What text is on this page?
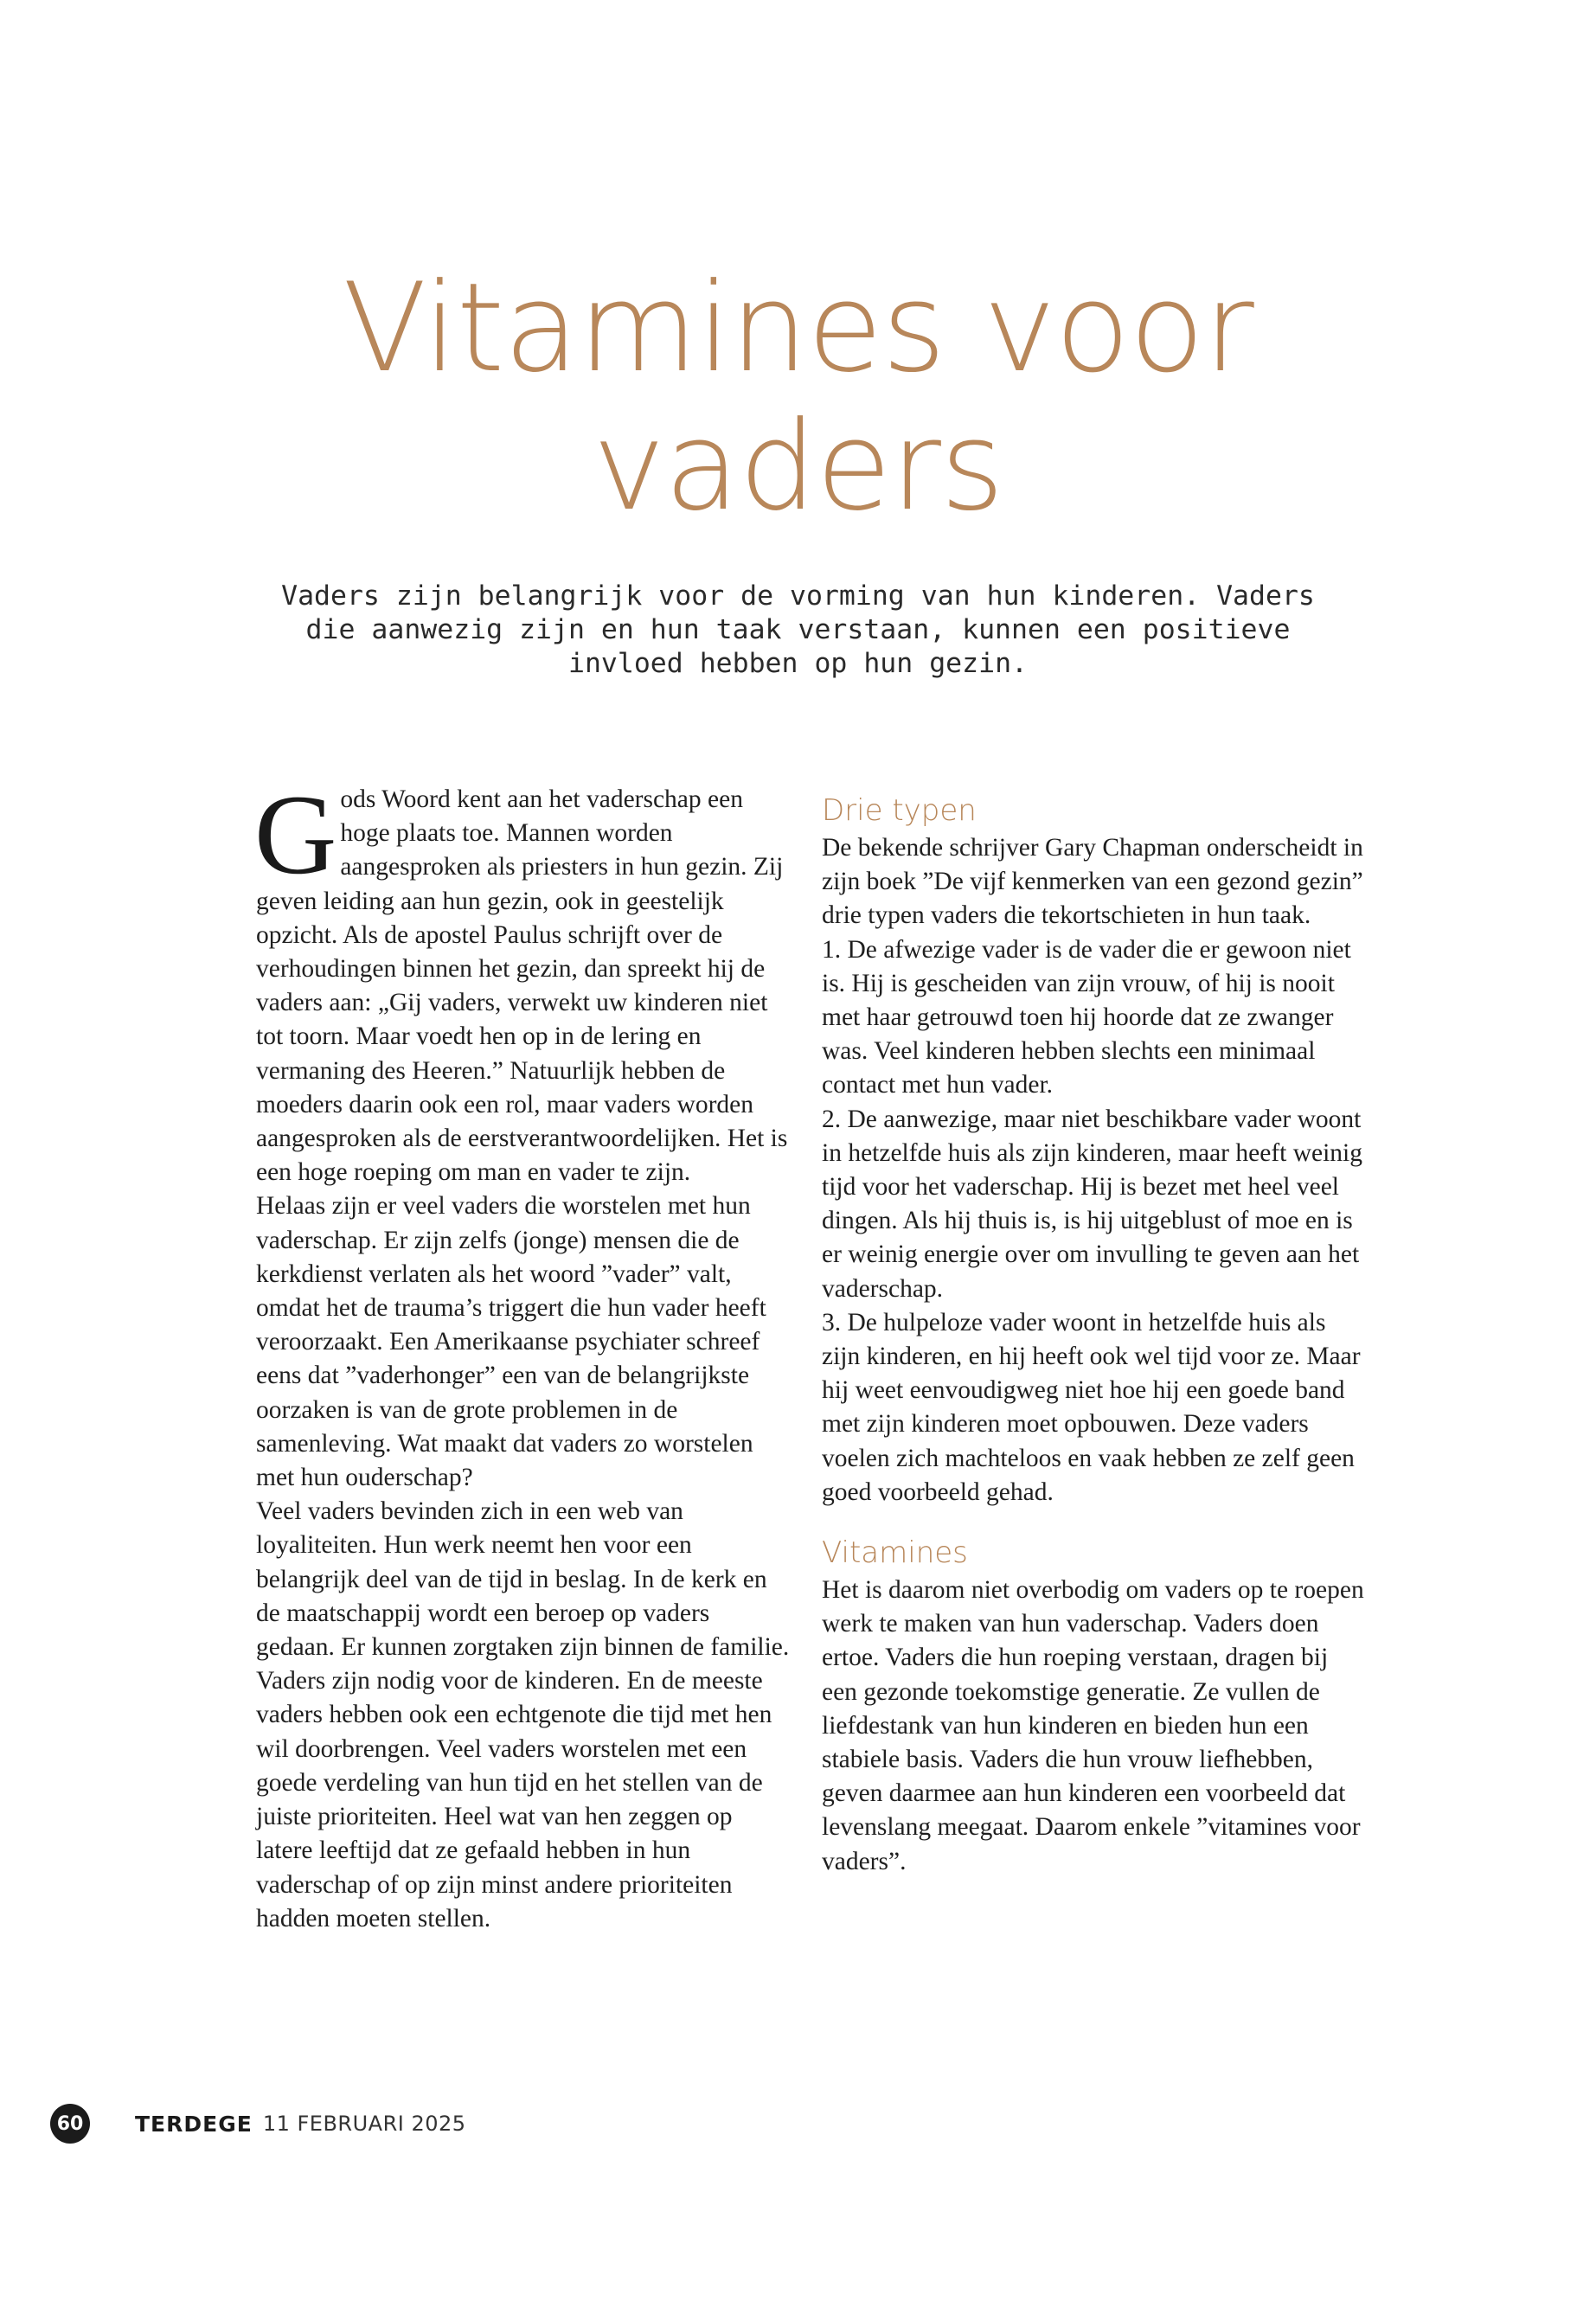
Vitamines voor
vaders

Vaders zijn belangrijk voor de vorming van hun kinderen. Vaders die aanwezig zijn en hun taak verstaan, kunnen een positieve invloed hebben op hun gezin.

Gods Woord kent aan het vaderschap een hoge plaats toe. Mannen worden aangesproken als priesters in hun gezin. Zij geven leiding aan hun gezin, ook in geestelijk opzicht. Als de apostel Paulus schrijft over de verhoudingen binnen het gezin, dan spreekt hij de vaders aan: „Gij vaders, verwekt uw kinderen niet tot toorn. Maar voedt hen op in de lering en vermaning des Heeren.” Natuurlijk hebben de moeders daarin ook een rol, maar vaders worden aangesproken als de eerstverantwoordelijken. Het is een hoge roeping om man en vader te zijn.

Helaas zijn er veel vaders die worstelen met hun vaderschap. Er zijn zelfs (jonge) mensen die de kerkdienst verlaten als het woord ”vader” valt, omdat het de trauma’s triggert die hun vader heeft veroorzaakt. Een Amerikaanse psychiater schreef eens dat ”vaderhonger” een van de belangrijkste oorzaken is van de grote problemen in de samenleving. Wat maakt dat vaders zo worstelen met hun ouderschap?

Veel vaders bevinden zich in een web van loyaliteiten. Hun werk neemt hen voor een belangrijk deel van de tijd in beslag. In de kerk en de maatschappij wordt een beroep op vaders gedaan. Er kunnen zorgtaken zijn binnen de familie. Vaders zijn nodig voor de kinderen. En de meeste vaders hebben ook een echtgenote die tijd met hen wil doorbrengen. Veel vaders worstelen met een goede verdeling van hun tijd en het stellen van de juiste prioriteiten. Heel wat van hen zeggen op latere leeftijd dat ze gefaald hebben in hun vaderschap of op zijn minst andere prioriteiten hadden moeten stellen.

Drie typen

De bekende schrijver Gary Chapman onderscheidt in zijn boek ”De vijf kenmerken van een gezond gezin” drie typen vaders die tekortschieten in hun taak.

1. De afwezige vader is de vader die er gewoon niet is. Hij is gescheiden van zijn vrouw, of hij is nooit met haar getrouwd toen hij hoorde dat ze zwanger was. Veel kinderen hebben slechts een minimaal contact met hun vader.

2. De aanwezige, maar niet beschikbare vader woont in hetzelfde huis als zijn kinderen, maar heeft weinig tijd voor het vaderschap. Hij is bezet met heel veel dingen. Als hij thuis is, is hij uitgeblust of moe en is er weinig energie over om invulling te geven aan het vaderschap.

3. De hulpeloze vader woont in hetzelfde huis als zijn kinderen, en hij heeft ook wel tijd voor ze. Maar hij weet eenvoudigweg niet hoe hij een goede band met zijn kinderen moet opbouwen. Deze vaders voelen zich machteloos en vaak hebben ze zelf geen goed voorbeeld gehad.

Vitamines

Het is daarom niet overbodig om vaders op te roepen werk te maken van hun vaderschap. Vaders doen ertoe. Vaders die hun roeping verstaan, dragen bij een gezonde toekomstige generatie. Ze vullen de liefdestank van hun kinderen en bieden hun een stabiele basis. Vaders die hun vrouw liefhebben, geven daarmee aan hun kinderen een voorbeeld dat levenslang meegaat. Daarom enkele ”vitamines voor vaders”.

60	TERDEGE 11 FEBRUARI 2025
